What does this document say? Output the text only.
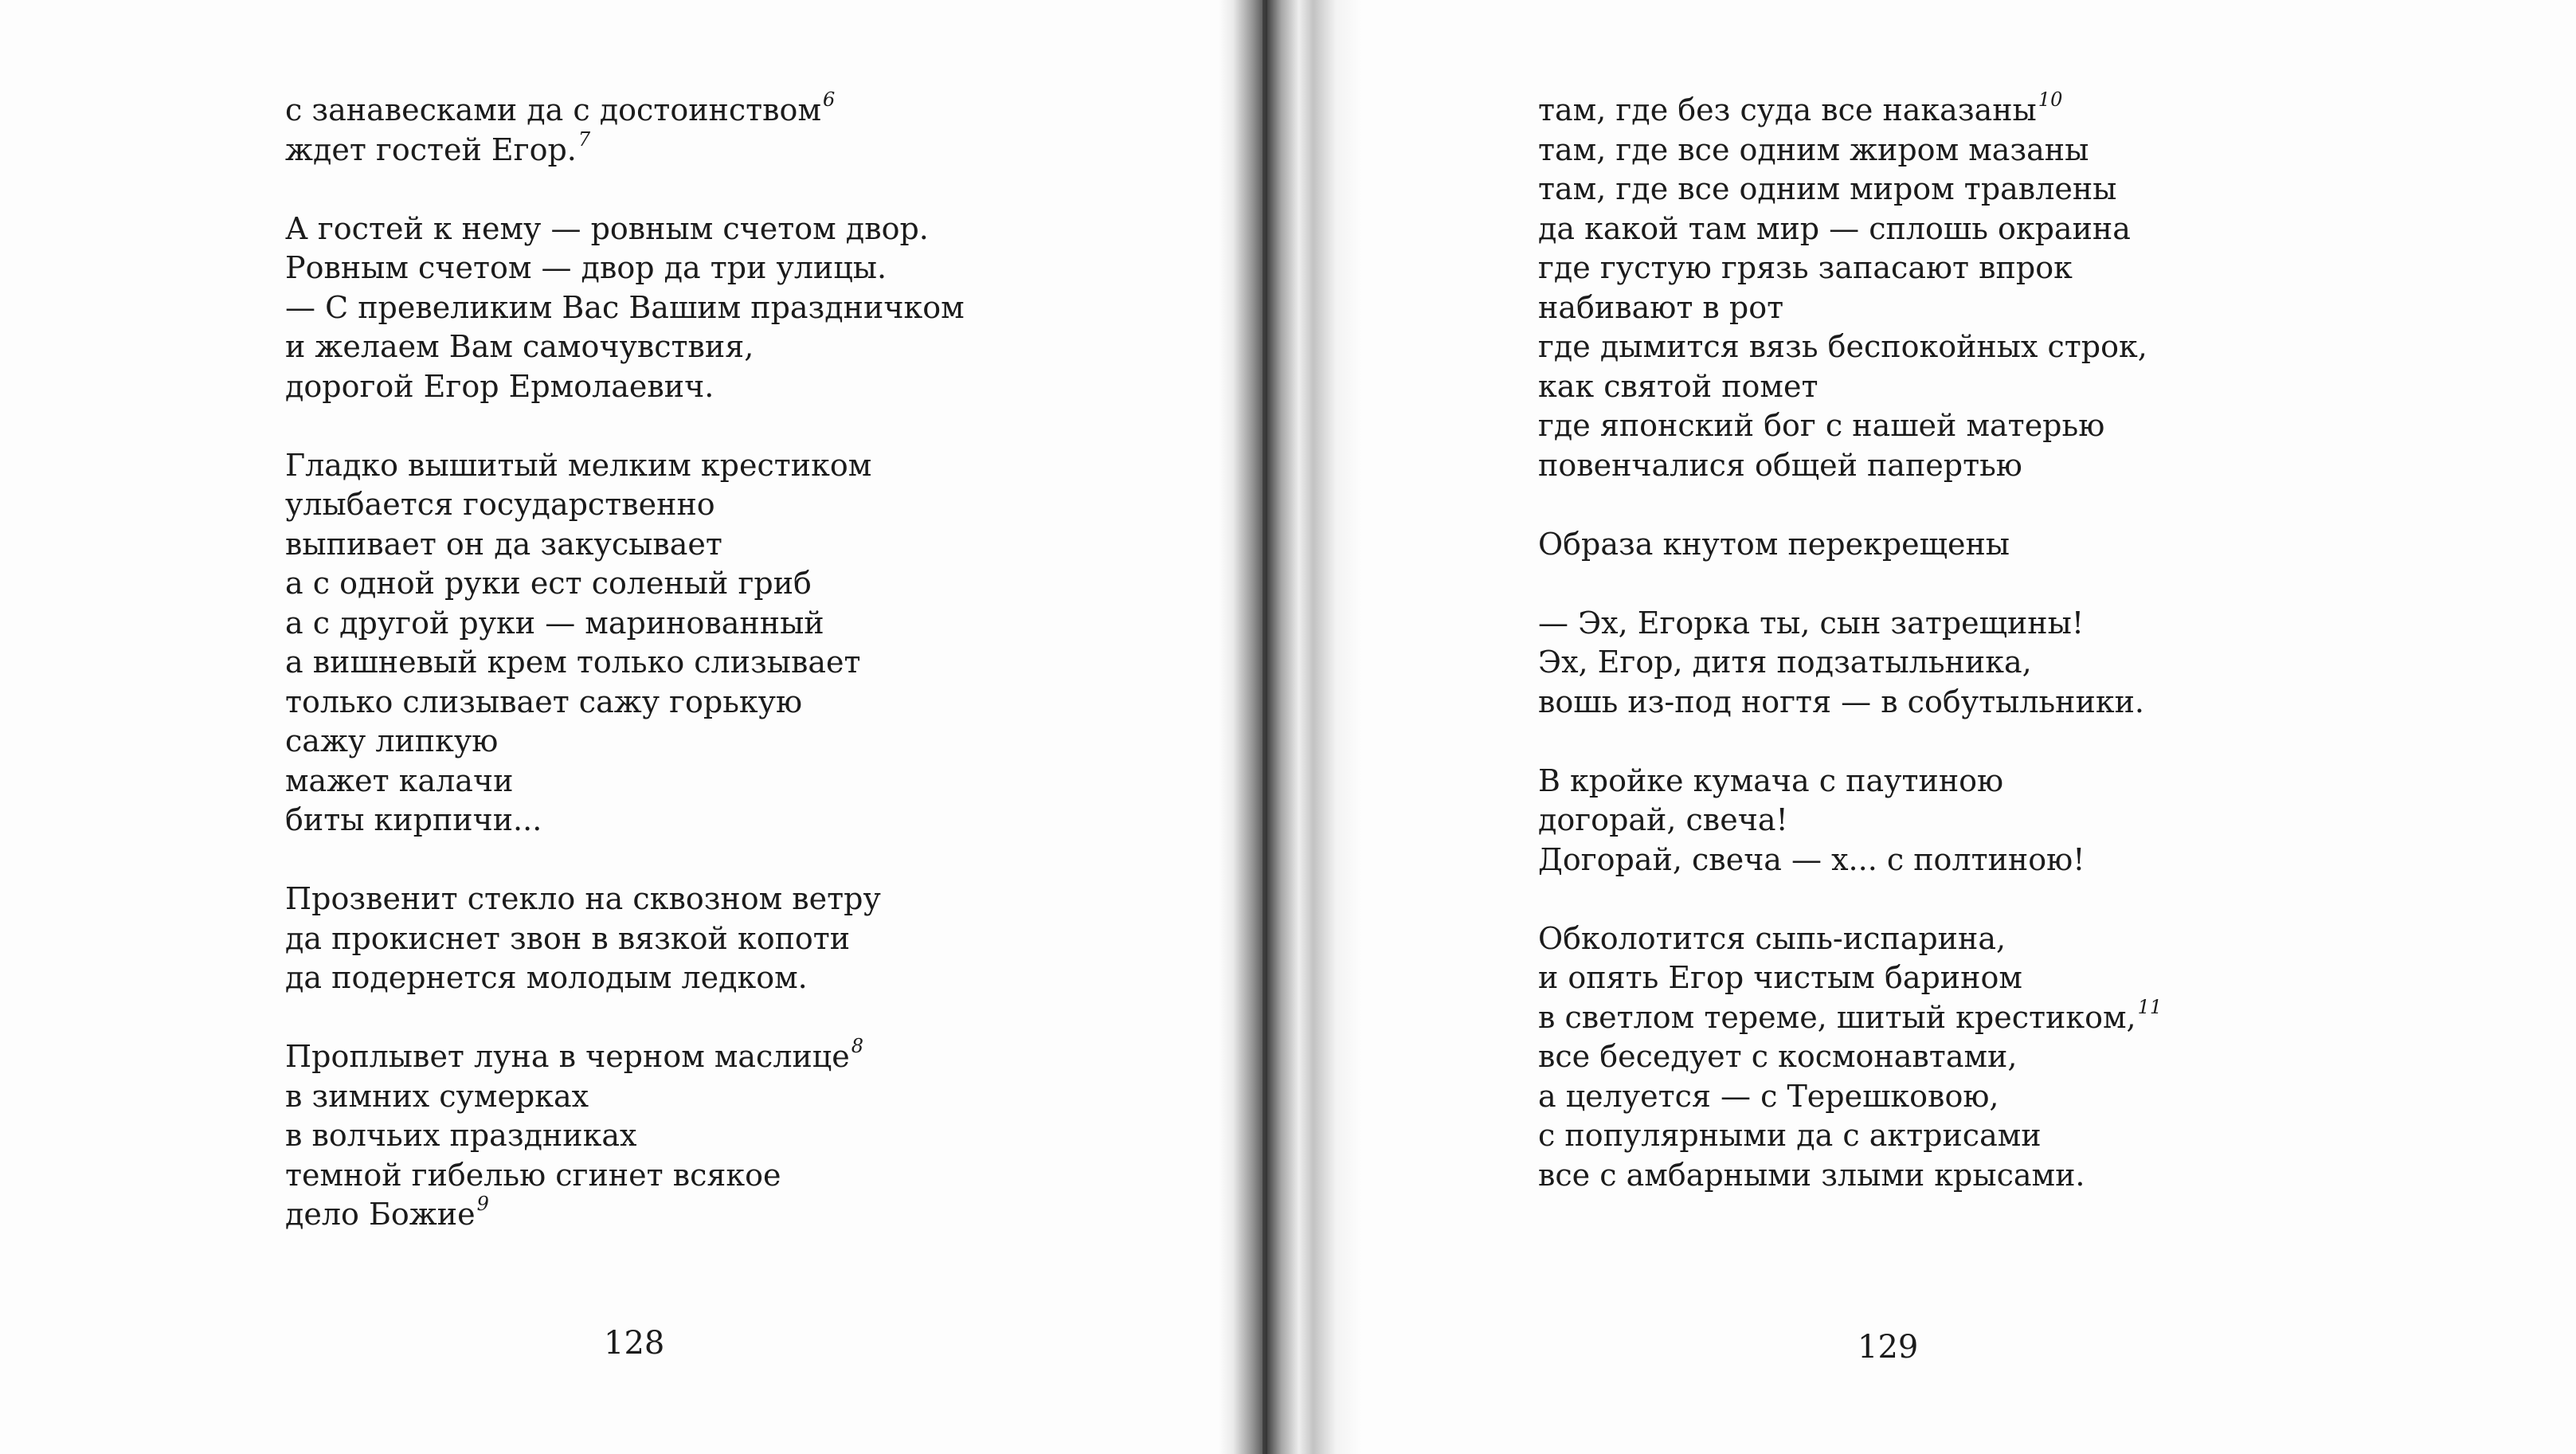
с занавесками да с достоинством$^6$
ждет гостей Егор.$^7$
А гостей к нему — ровным счетом двор.
Ровным счетом — двор да три улицы.
— С превеликим Вас Вашим праздничком
и желаем Вам самочувствия,
дорогой Егор Ермолаевич.
Гладко вышитый мелким крестиком
улыбается государственно
выпивает он да закусывает
а с одной руки ест соленый гриб
а с другой руки — маринованный
а вишневый крем только слизывает
только слизывает сажу горькую
сажу липкую
мажет калачи
биты кирпичи...
Прозвенит стекло на сквозном ветру
да прокиснет звон в вязкой копоти
да подернется молодым ледком.
Проплывет луна в черном маслице$^8$
в зимних сумерках
в волчьих праздниках
темной гибелью сгинет всякое
дело Божие$^9$
там, где без суда все наказаны$^{10}$
там, где все одним жиром мазаны
там, где все одним миром травлены
да какой там мир — сплошь окраина
где густую грязь запасают впрок
набивают в рот
где дымится вязь беспокойных строк,
как святой помет
где японский бог с нашей матерью
повенчалися общей папертью
Образа кнутом перекрещены
— Эх, Егорка ты, сын затрещины!
Эх, Егор, дитя подзатыльника,
вошь из-под ногтя — в собутыльники.
В кройке кумача с паутиною
догорай, свеча!
Догорай, свеча — х... с полтиною!
Обколотится сыпь-испарина,
и опять Егор чистым барином
в светлом тереме, шитый крестиком,$^{11}$
все беседует с космонавтами,
а целуется — с Терешковою,
с популярными да с актрисами
все с амбарными злыми крысами.
128	129
